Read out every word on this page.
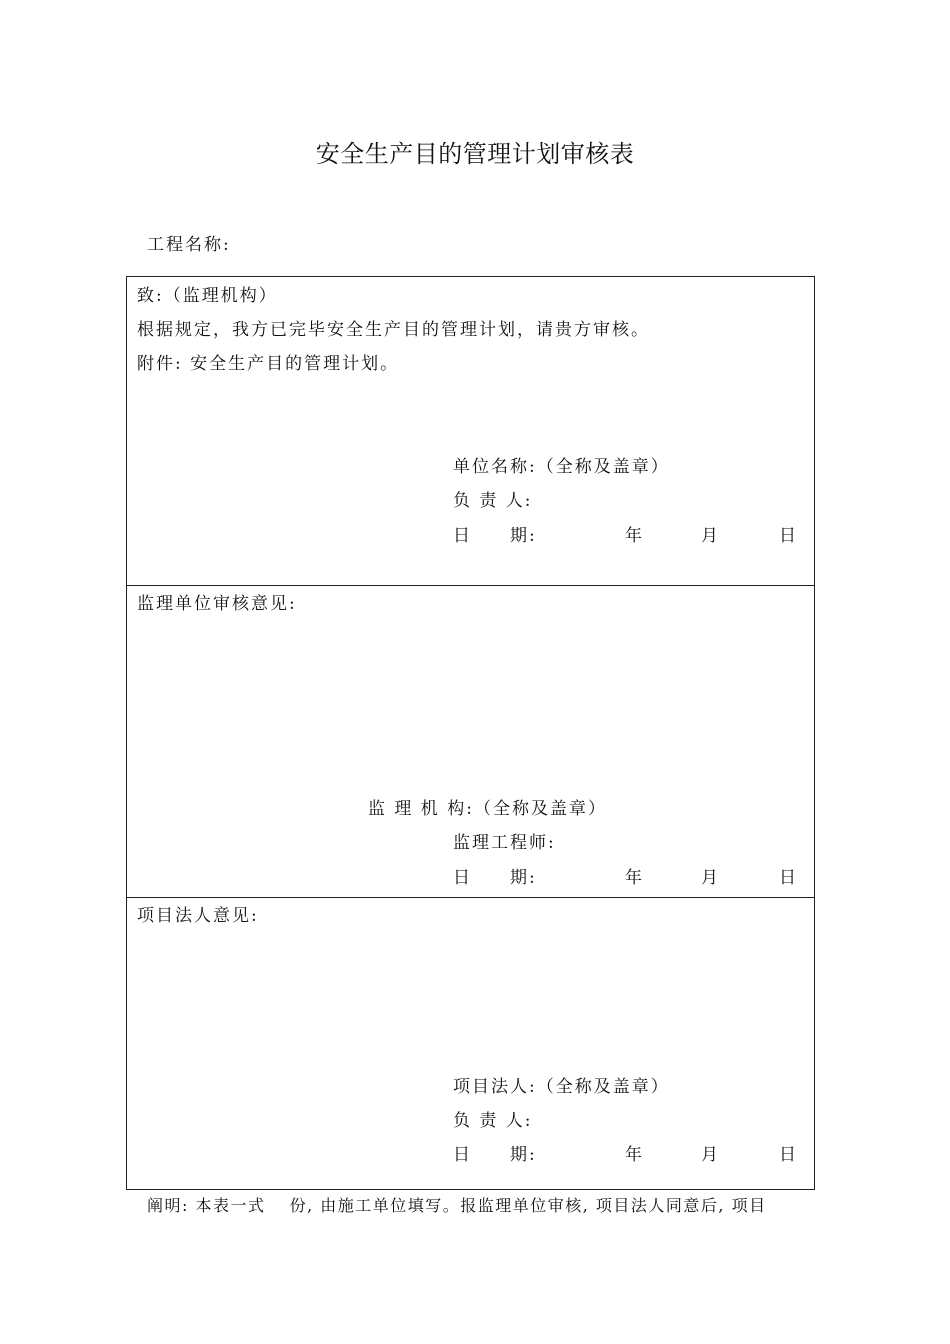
安全生产目的管理计划审核表
工程名称:
致:（监理机构）
根据规定，我方已完毕安全生产目的管理计划，请贵方审核。
附件: 安全生产目的管理计划。
单位名称:（全称及盖章）
负 责 人:
日　　期:	年	月	日
监理单位审核意见:
监 理 机 构:（全称及盖章）
监理工程师:
日　　期:	年	月	日
项目法人意见:
项目法人:（全称及盖章）
负 责 人:
日　　期:	年	月	日
阐明: 本表一式　 份, 由施工单位填写。报监理单位审核, 项目法人同意后, 项目
